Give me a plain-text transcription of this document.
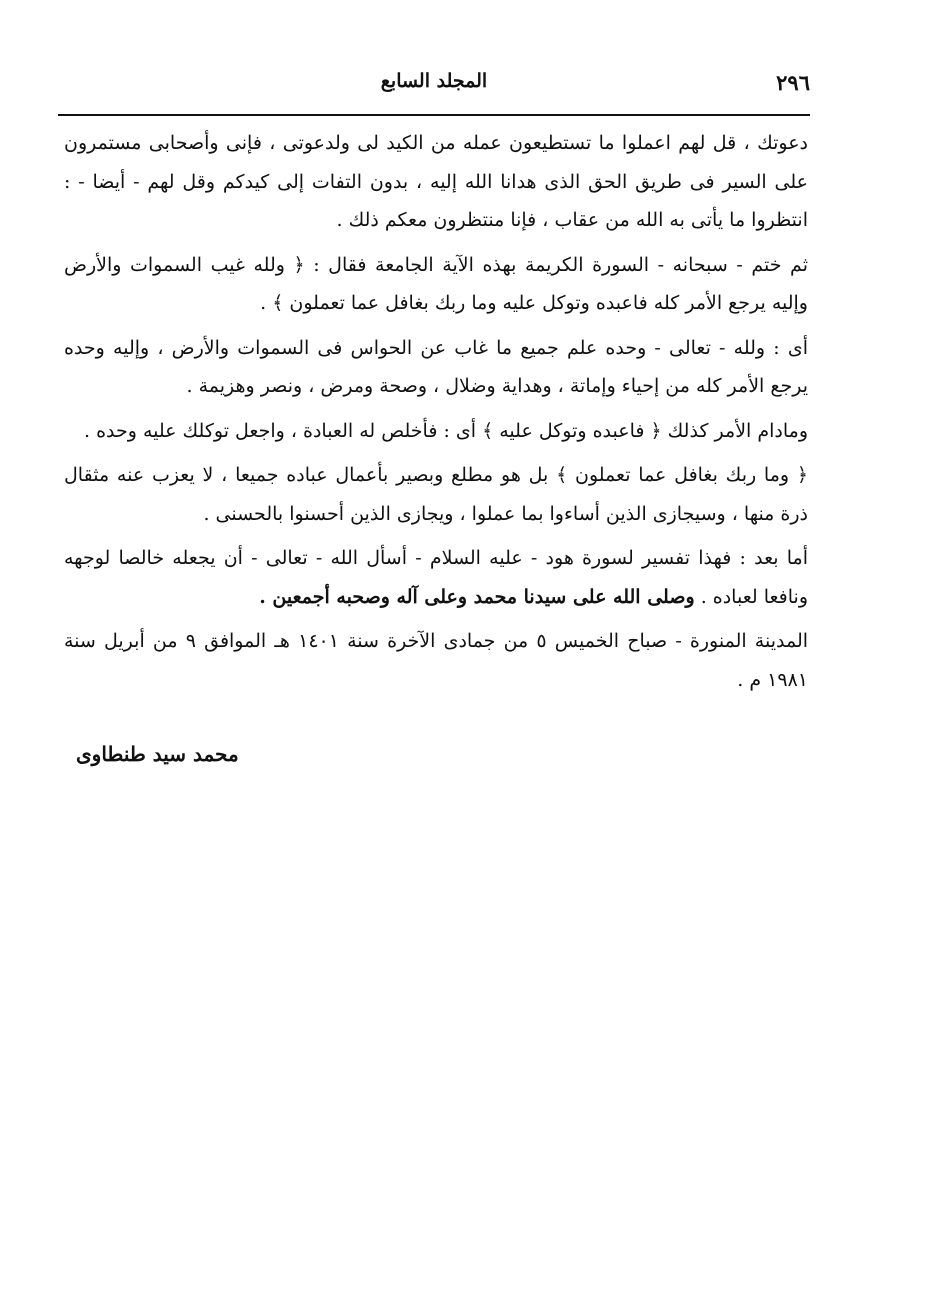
٢٩٦
المجلد السابع

دعوتك ، قل لهم اعملوا ما تستطيعون عمله من الكيد لى ولدعوتى ، فإنى وأصحابى مستمرون على السير فى طريق الحق الذى هدانا الله إليه ، بدون التفات إلى كيدكم وقل لهم - أيضا - : انتظروا ما يأتى به الله من عقاب ، فإنا منتظرون معكم ذلك .

ثم ختم - سبحانه - السورة الكريمة بهذه الآية الجامعة فقال : ﴿ ولله غيب السموات والأرض وإليه يرجع الأمر كله فاعبده وتوكل عليه وما ربك بغافل عما تعملون ﴾ .

أى : ولله - تعالى - وحده علم جميع ما غاب عن الحواس فى السموات والأرض ، وإليه وحده يرجع الأمر كله من إحياء وإماتة ، وهداية وضلال ، وصحة ومرض ، ونصر وهزيمة .

ومادام الأمر كذلك ﴿ فاعبده وتوكل عليه ﴾ أى : فأخلص له العبادة ، واجعل توكلك عليه وحده .

﴿ وما ربك بغافل عما تعملون ﴾ بل هو مطلع وبصير بأعمال عباده جميعا ، لا يعزب عنه مثقال ذرة منها ، وسيجازى الذين أساءوا بما عملوا ، ويجازى الذين أحسنوا بالحسنى .

أما بعد : فهذا تفسير لسورة هود - عليه السلام - أسأل الله - تعالى - أن يجعله خالصا لوجهه ونافعا لعباده . وصلى الله على سيدنا محمد وعلى آله وصحبه أجمعين .

المدينة المنورة - صباح الخميس ٥ من جمادى الآخرة سنة ١٤٠١ هـ الموافق ٩ من أبريل سنة ١٩٨١ م .

محمد سيد طنطاوى
